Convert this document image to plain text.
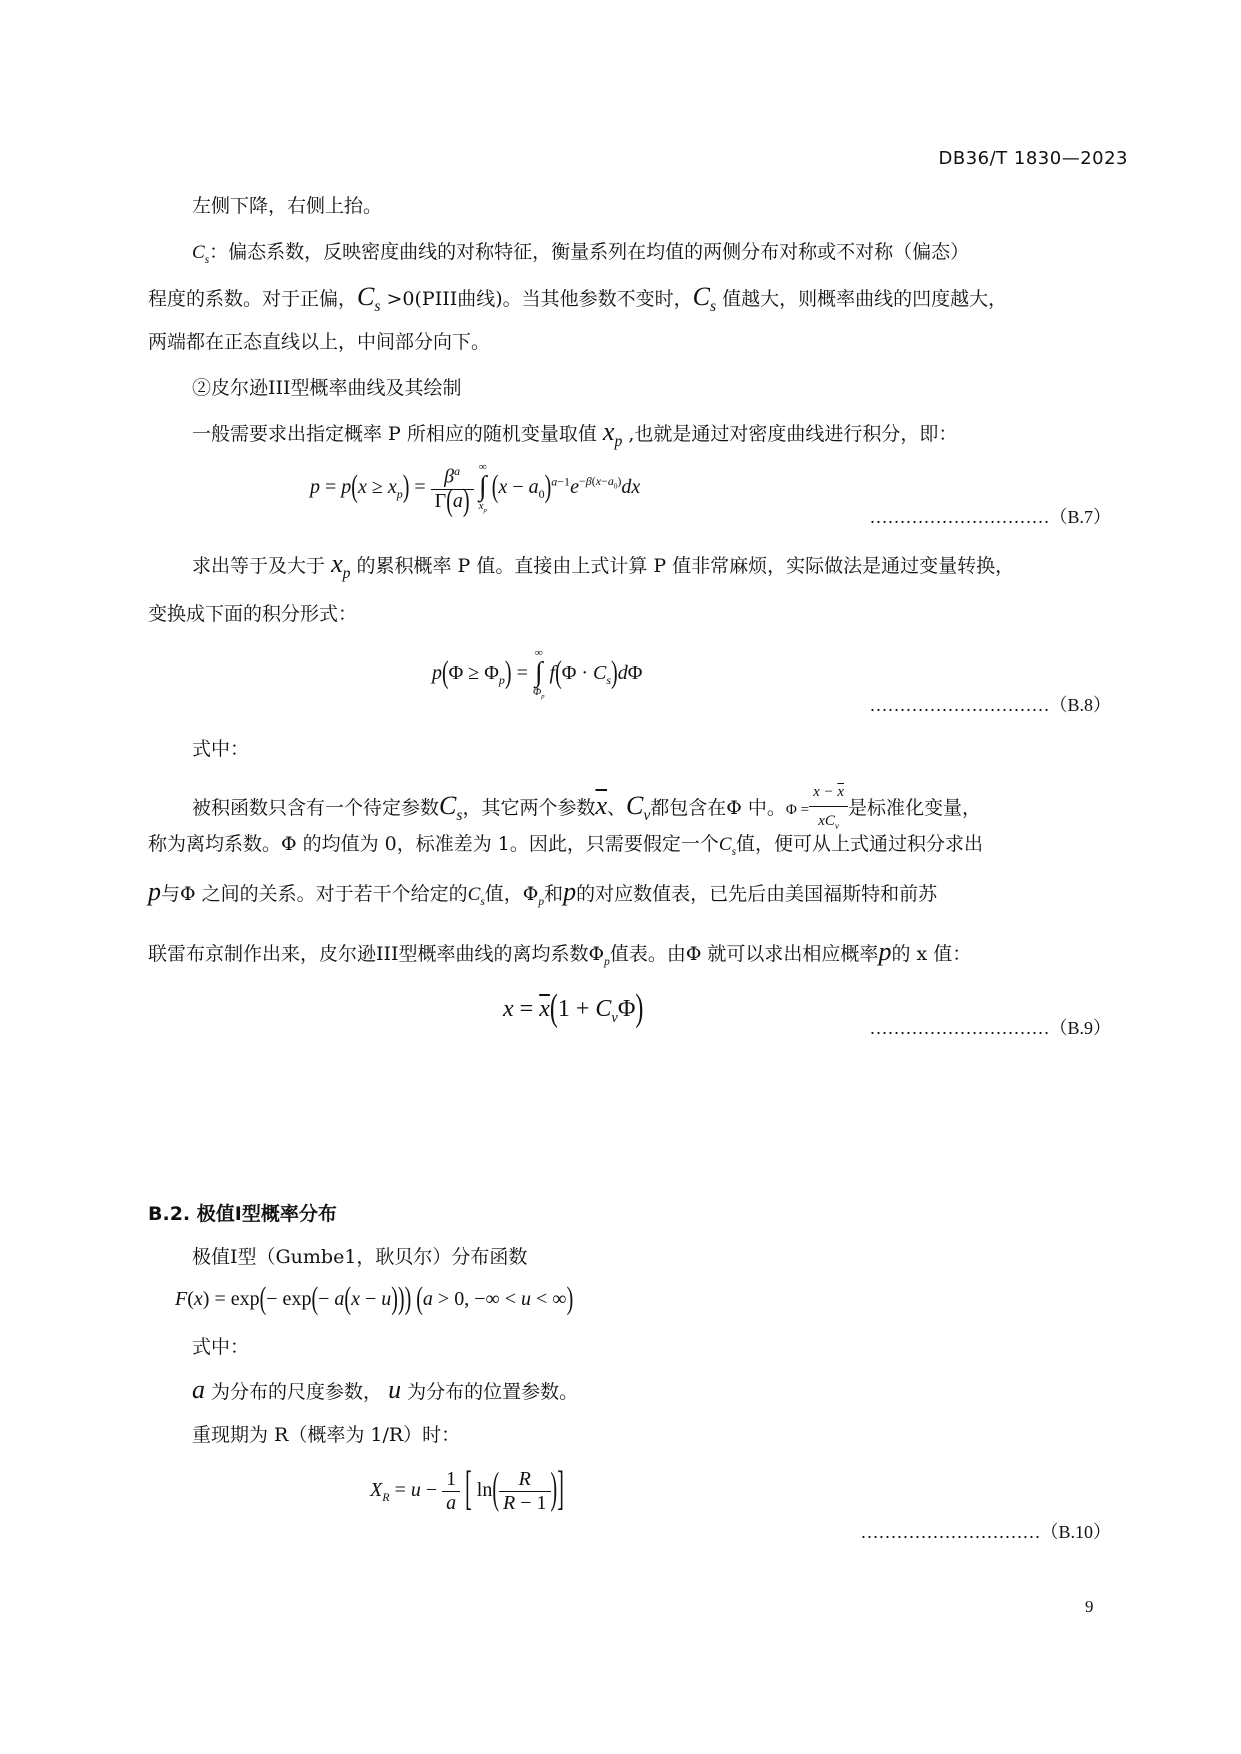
DB36/T 1830—2023
左侧下降，右侧上抬。
$C_s$：偏态系数，反映密度曲线的对称特征，衡量系列在均值的两侧分布对称或不对称（偏态）
程度的系数。对于正偏，$C_s$ >0(PIII曲线)。当其他参数不变时，$C_s$ 值越大，则概率曲线的凹度越大，
两端都在正态直线以上，中间部分向下。
②皮尔逊III型概率曲线及其绘制
一般需要求出指定概率 P 所相应的随机变量取值 $x_p$ ,也就是通过对密度曲线进行积分，即：
$p = p(x \ge x_p) = \frac{\beta^a}{\Gamma(a)}$
∞
∫
$x_p$
$(x - a_0)^{a-1}e^{-\beta(x-a_0)}dx$
…………………………（B.7）
求出等于及大于 $x_p$ 的累积概率 P 值。直接由上式计算 P 值非常麻烦，实际做法是通过变量转换，
变换成下面的积分形式：
$p(\Phi \ge \Phi_p)$ =
∞
∫
$\Phi_p$
$f(\Phi \cdot C_s)d\Phi$
…………………………（B.8）
式中：
被积函数只含有一个待定参数$C_s$，其它两个参数$\overline{x}$、$C_v$都包含在Φ 中。$\Phi = \frac{x - \overline{x}}{xC_v}$ 是标准化变量，
称为离均系数。Φ 的均值为 0，标准差为 1。因此，只需要假定一个$C_s$值，便可从上式通过积分求出
p与Φ 之间的关系。对于若干个给定的$C_s$值，$\Phi_p$和p的对应数值表，已先后由美国福斯特和前苏
联雷布京制作出来，皮尔逊III型概率曲线的离均系数$\Phi_p$值表。由Φ 就可以求出相应概率p的 x 值：
$x = \overline{x}(1 + C_v\Phi)$	…………………………（B.9）
B.2. 极值Ⅰ型概率分布
极值Ⅰ型（Gumbe1，耿贝尔）分布函数
F(x) = exp(− exp(− a(x − u))) (a > 0, −∞ < u < ∞)
式中：
a 为分布的尺度参数， u 为分布的位置参数。
重现期为 R（概率为 1/R）时：
$X_R = u - \frac{1}{a}$ [ $\ln( \frac{R}{R - 1}$ )]
…………………………（B.10）
9
